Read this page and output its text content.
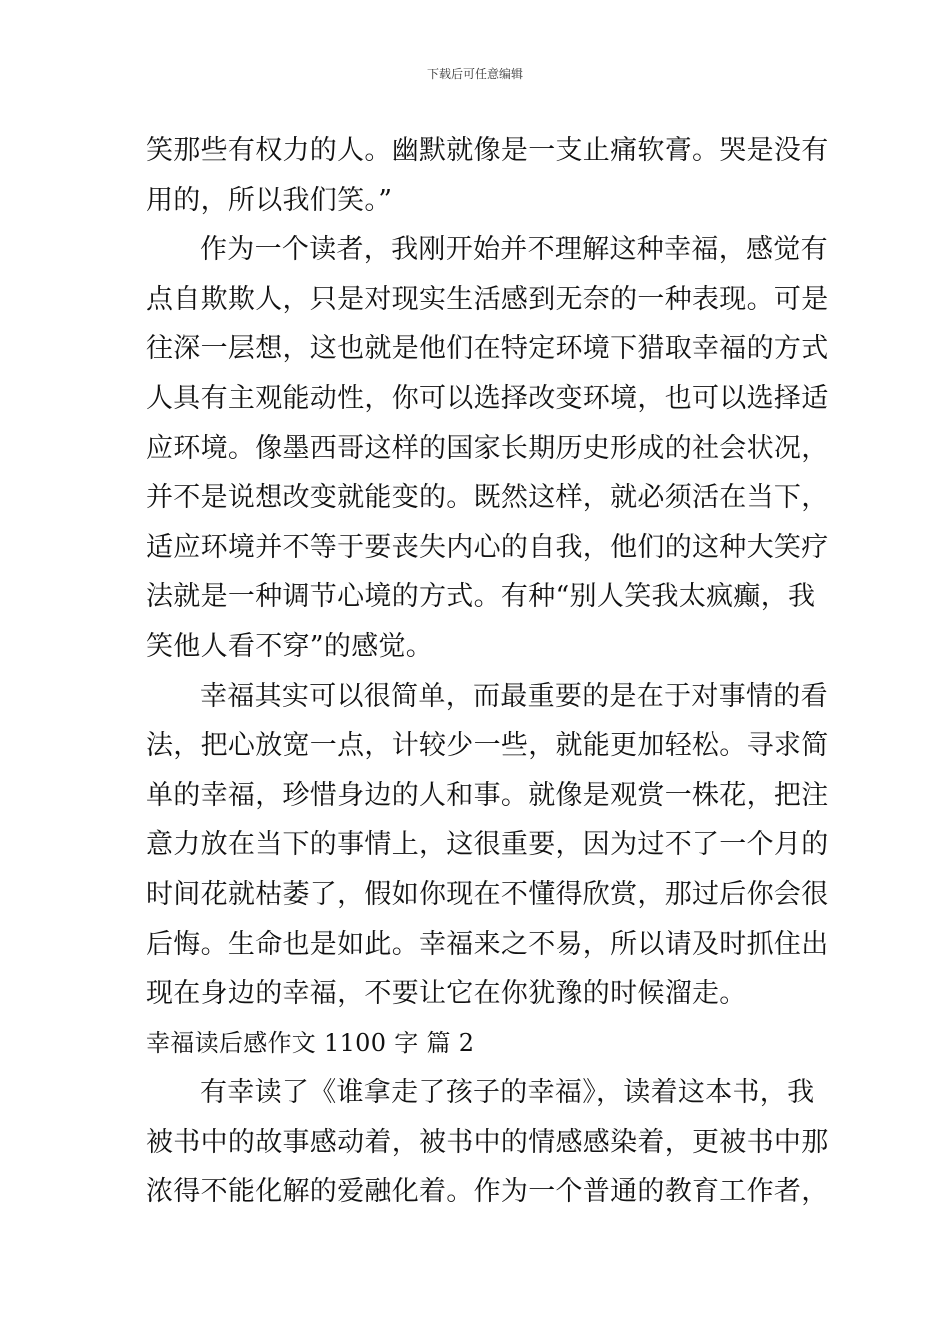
下载后可任意编辑
笑那些有权力的人。幽默就像是一支止痛软膏。哭是没有
用的，所以我们笑。”
作为一个读者，我刚开始并不理解这种幸福，感觉有
点自欺欺人，只是对现实生活感到无奈的一种表现。可是
往深一层想，这也就是他们在特定环境下猎取幸福的方式
人具有主观能动性，你可以选择改变环境，也可以选择适
应环境。像墨西哥这样的国家长期历史形成的社会状况，
并不是说想改变就能变的。既然这样，就必须活在当下，
适应环境并不等于要丧失内心的自我，他们的这种大笑疗
法就是一种调节心境的方式。有种“别人笑我太疯癫，我
笑他人看不穿”的感觉。
幸福其实可以很简单，而最重要的是在于对事情的看
法，把心放宽一点，计较少一些，就能更加轻松。寻求简
单的幸福，珍惜身边的人和事。就像是观赏一株花，把注
意力放在当下的事情上，这很重要，因为过不了一个月的
时间花就枯萎了，假如你现在不懂得欣赏，那过后你会很
后悔。生命也是如此。幸福来之不易，所以请及时抓住出
现在身边的幸福，不要让它在你犹豫的时候溜走。
幸福读后感作文 1100 字 篇 2
有幸读了《谁拿走了孩子的幸福》，读着这本书，我
被书中的故事感动着，被书中的情感感染着，更被书中那
浓得不能化解的爱融化着。作为一个普通的教育工作者，
